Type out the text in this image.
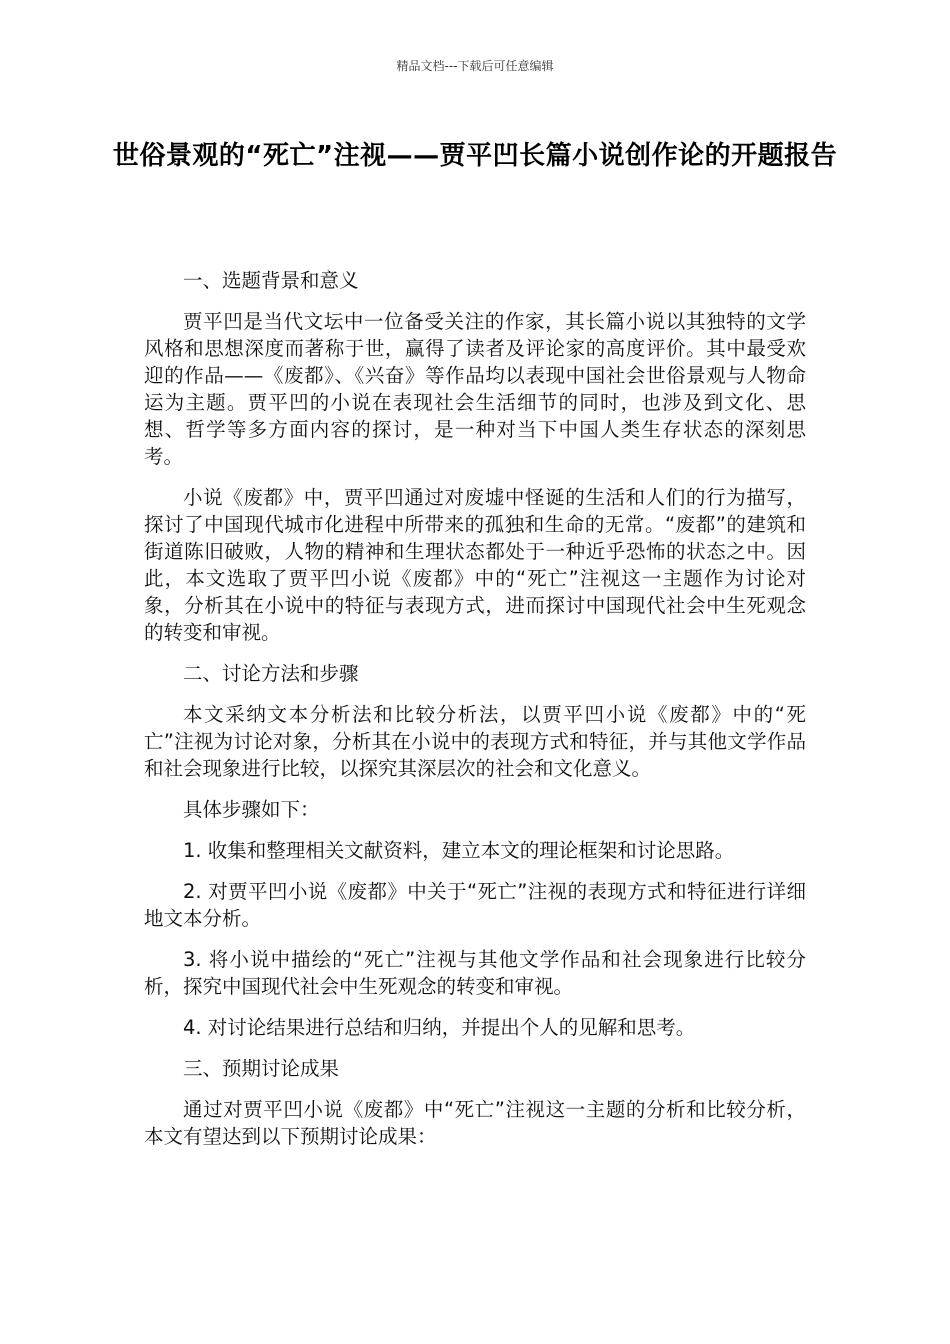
精品文档---下载后可任意编辑
世俗景观的“死亡”注视——贾平凹长篇小说创作论的开题报告

一、选题背景和意义

贾平凹是当代文坛中一位备受关注的作家，其长篇小说以其独特的文学风格和思想深度而著称于世，赢得了读者及评论家的高度评价。其中最受欢迎的作品——《废都》、《兴奋》等作品均以表现中国社会世俗景观与人物命运为主题。贾平凹的小说在表现社会生活细节的同时，也涉及到文化、思想、哲学等多方面内容的探讨，是一种对当下中国人类生存状态的深刻思考。

小说《废都》中，贾平凹通过对废墟中怪诞的生活和人们的行为描写，探讨了中国现代城市化进程中所带来的孤独和生命的无常。“废都”的建筑和街道陈旧破败，人物的精神和生理状态都处于一种近乎恐怖的状态之中。因此，本文选取了贾平凹小说《废都》中的“死亡”注视这一主题作为讨论对象，分析其在小说中的特征与表现方式，进而探讨中国现代社会中生死观念的转变和审视。

二、讨论方法和步骤

本文采纳文本分析法和比较分析法，以贾平凹小说《废都》中的“死亡”注视为讨论对象，分析其在小说中的表现方式和特征，并与其他文学作品和社会现象进行比较，以探究其深层次的社会和文化意义。

具体步骤如下：

1. 收集和整理相关文献资料，建立本文的理论框架和讨论思路。

2. 对贾平凹小说《废都》中关于“死亡”注视的表现方式和特征进行详细地文本分析。

3. 将小说中描绘的“死亡”注视与其他文学作品和社会现象进行比较分析，探究中国现代社会中生死观念的转变和审视。

4. 对讨论结果进行总结和归纳，并提出个人的见解和思考。

三、预期讨论成果

通过对贾平凹小说《废都》中“死亡”注视这一主题的分析和比较分析，本文有望达到以下预期讨论成果：
